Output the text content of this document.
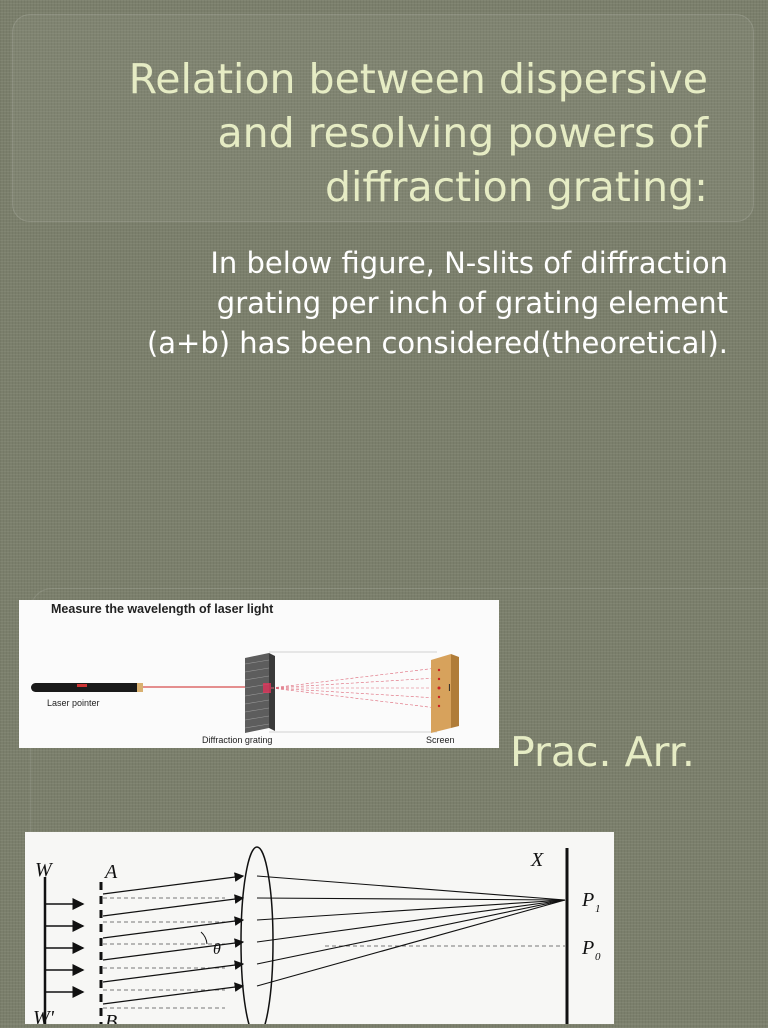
Relation between dispersive
and resolving powers of
diffraction grating:
In below figure, N-slits of diffraction
grating per inch of grating element
(a+b) has been considered(theoretical).
Measure the wavelength of laser light
I
Laser pointer
Diffraction grating	Screen Prac. Arr.
W
W'
A
B
θ
X
P 1
P 0
